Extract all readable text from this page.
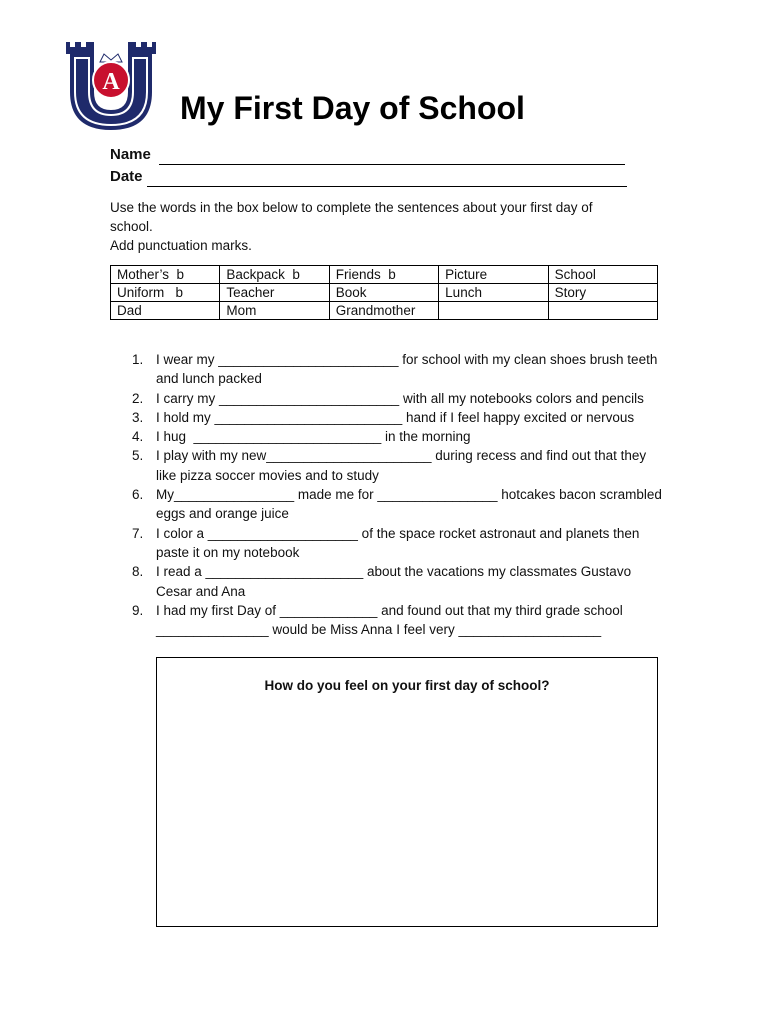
A
My First Day of School
Name
Date

Use the words in the box below to complete the sentences about your first day of school.

Add punctuation marks.

Mother’s  b	Backpack  b	Friends  b	Picture	School
Uniform   b	Teacher	Book	Lunch	Story
Dad	Mom	Grandmother		
1. I wear my ________________________ for school with my clean shoes brush teeth and lunch packed
2. I carry my ________________________ with all my notebooks colors and pencils
3. I hold my _________________________ hand if I feel happy excited or nervous
4. I hug  _________________________ in the morning
5. I play with my new______________________ during recess and find out that they like pizza soccer movies and to study
6. My________________ made me for ________________ hotcakes bacon scrambled eggs and orange juice
7. I color a ____________________ of the space rocket astronaut and planets then paste it on my notebook
8. I read a _____________________ about the vacations my classmates Gustavo Cesar and Ana
9. I had my first Day of _____________ and found out that my third grade school _______________ would be Miss Anna I feel very ___________________
How do you feel on your first day of school?
